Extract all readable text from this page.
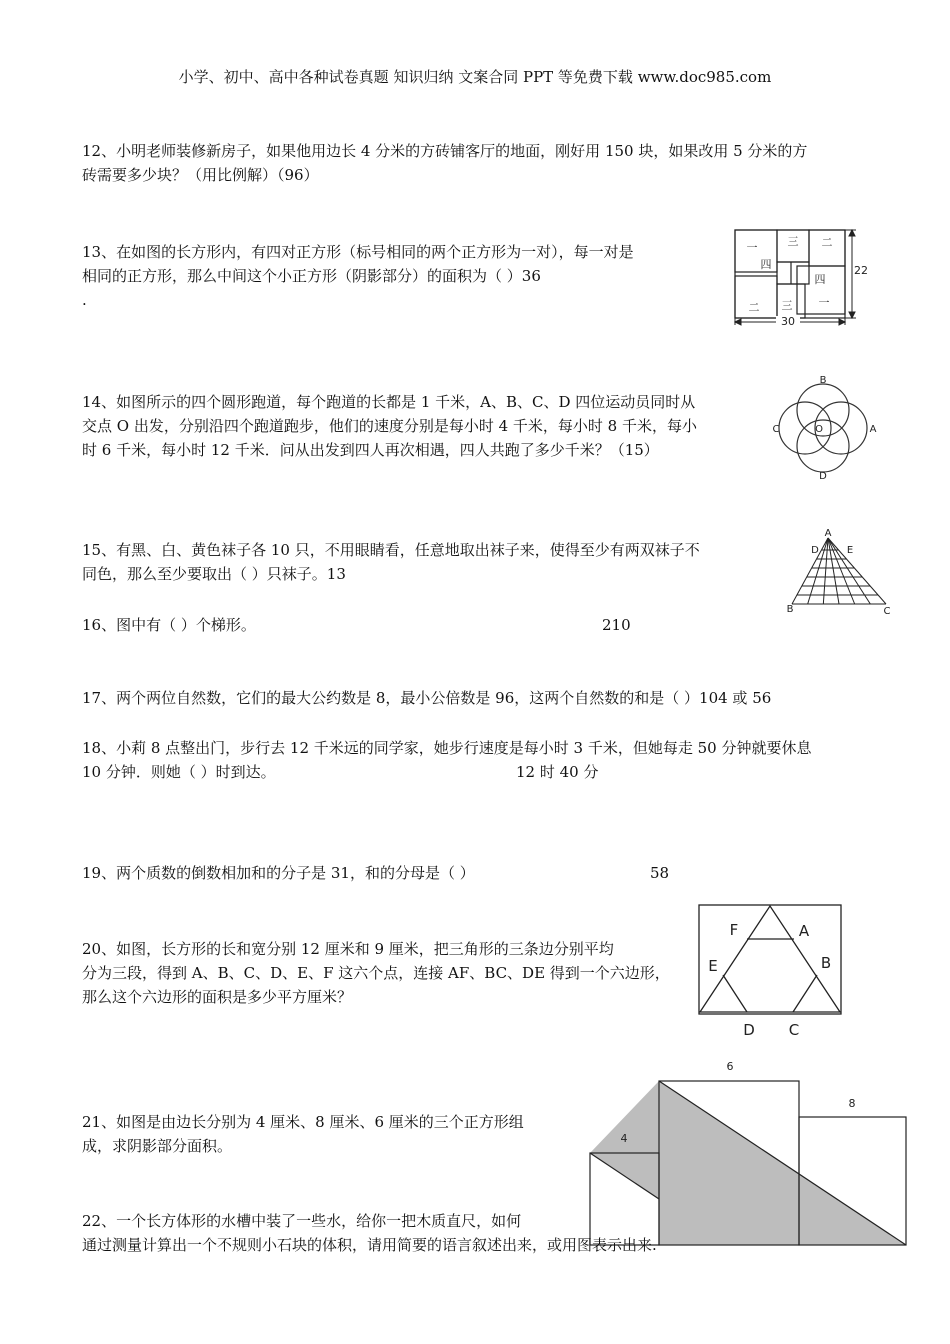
小学、初中、高中各种试卷真题 知识归纳 文案合同 PPT 等免费下载 www.doc985.com

12、小明老师装修新房子，如果他用边长 4 分米的方砖铺客厅的地面，刚好用 150 块，如果改用 5 分米的方

砖需要多少块？（用比例解）（96）

13、在如图的长方形内，有四对正方形（标号相同的两个正方形为一对），每一对是

相同的正方形，那么中间这个小正方形（阴影部分）的面积为（ ）36

.

一	三 二
四
四
二 三 一
30
22

14、如图所示的四个圆形跑道，每个跑道的长都是 1 千米，A、B、C、D 四位运动员同时从

交点 O 出发，分别沿四个跑道跑步，他们的速度分别是每小时 4 千米，每小时 8 千米，每小

时 6 千米，每小时 12 千米．问从出发到四人再次相遇，四人共跑了多少千米？（15）

B
D
C	A
O

15、有黑、白、黄色袜子各 10 只，不用眼睛看，任意地取出袜子来，使得至少有两双袜子不

同色，那么至少要取出（ ）只袜子。13

A
D	E
B	C

16、图中有（ ）个梯形。	210

17、两个两位自然数，它们的最大公约数是 8，最小公倍数是 96，这两个自然数的和是（ ）104 或 56

18、小莉 8 点整出门，步行去 12 千米远的同学家，她步行速度是每小时 3 千米，但她每走 50 分钟就要休息

10 分钟．则她（ ）时到达。	12 时 40 分

19、两个质数的倒数相加和的分子是 31，和的分母是（ ）	58

20、如图，长方形的长和宽分别 12 厘米和 9 厘米，把三角形的三条边分别平均

分为三段，得到 A、B、C、D、E、F 这六个点，连接 AF、BC、DE 得到一个六边形，

那么这个六边形的面积是多少平方厘米？

F	A
E	B
D C

21、如图是由边长分别为 4 厘米、8 厘米、6 厘米的三个正方形组

成，求阴影部分面积。	4
6
8

22、一个长方体形的水槽中装了一些水，给你一把木质直尺，如何

通过测量计算出一个不规则小石块的体积，请用简要的语言叙述出来，或用图表示出来.
